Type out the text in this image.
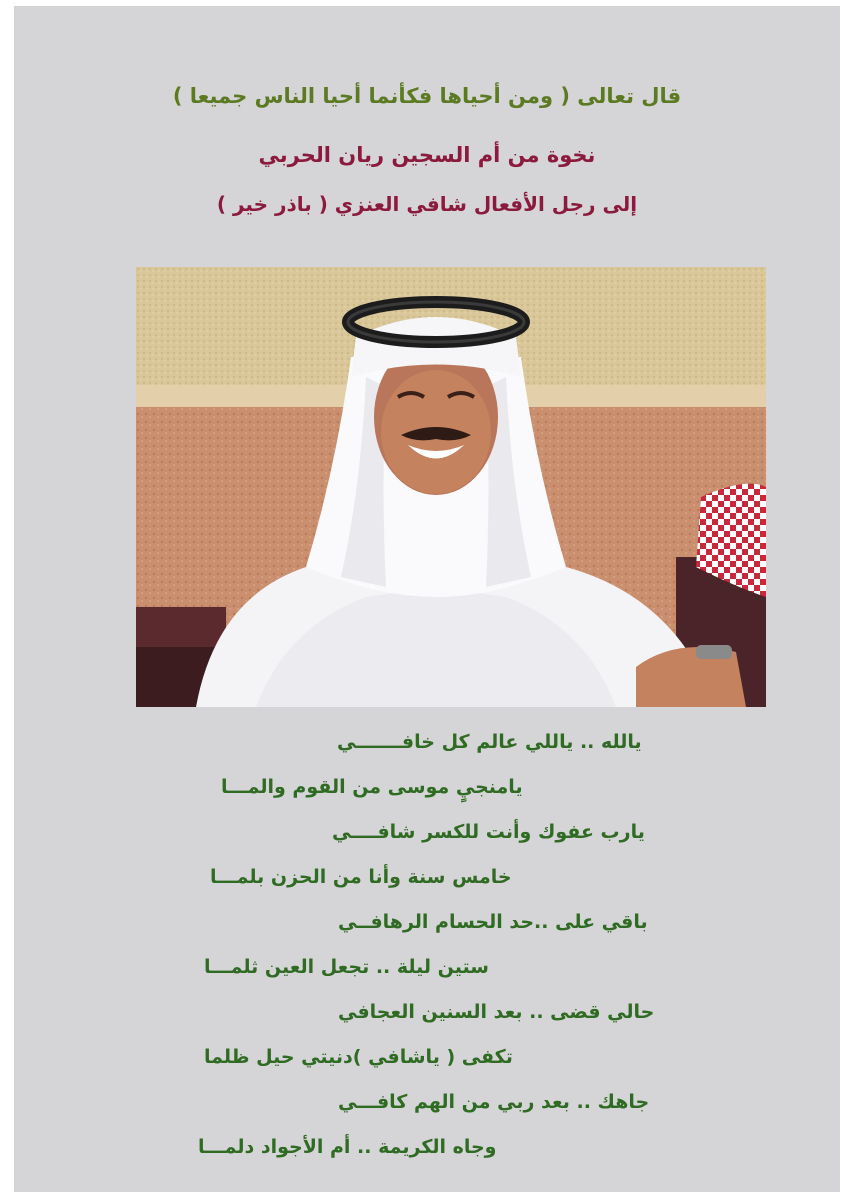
قال تعالى ( ومن أحياها فكأنما أحيا الناس جميعا )
نخوة من أم السجين ريان الحربي
إلى رجل الأفعال شافي العنزي ( باذر خير )

يالله .. ياللي عالم كل خافـــــــي

يامنجيٍ موسى من القوم والمـــا

يارب عفوك وأنت للكسر شافــــي

خامس سنة وأنا من الحزن بلمـــا

باقي على ..حد الحسام الرهافــي

ستين ليلة .. تجعل العين ثلمـــا

حالي قضى .. بعد السنين العجافي

تكفى ( ياشافي )دنيتي حيل ظلما

جاهك .. بعد ربي من الهم كافـــي

وجاه الكريمة .. أم الأجواد دلمـــا
